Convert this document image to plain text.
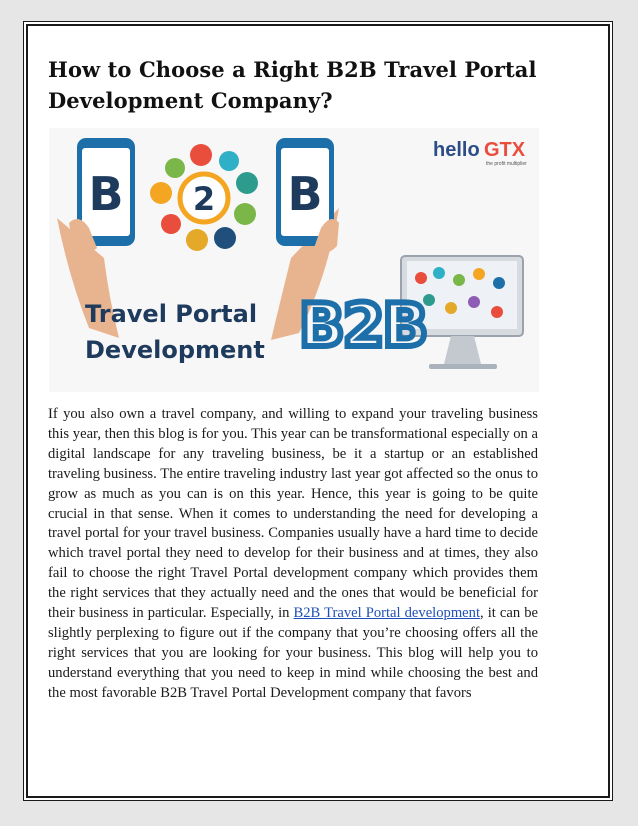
How to Choose a Right B2B Travel Portal Development Company?
B 2 B
hello GTX
the profit multiplier
Travel Portal
Development B2B

If you also own a travel company, and willing to expand your traveling business this year, then this blog is for you. This year can be transformational especially on a digital landscape for any traveling business, be it a startup or an established traveling business. The entire traveling industry last year got affected so the onus to grow as much as you can is on this year. Hence, this year is going to be quite crucial in that sense. When it comes to understanding the need for developing a travel portal for your travel business. Companies usually have a hard time to decide which travel portal they need to develop for their business and at times, they also fail to choose the right Travel Portal development company which provides them the right services that they actually need and the ones that would be beneficial for their business in particular. Especially, in B2B Travel Portal development, it can be slightly perplexing to figure out if the company that you’re choosing offers all the right services that you are looking for your business. This blog will help you to understand everything that you need to keep in mind while choosing the best and the most favorable B2B Travel Portal Development company that favors
